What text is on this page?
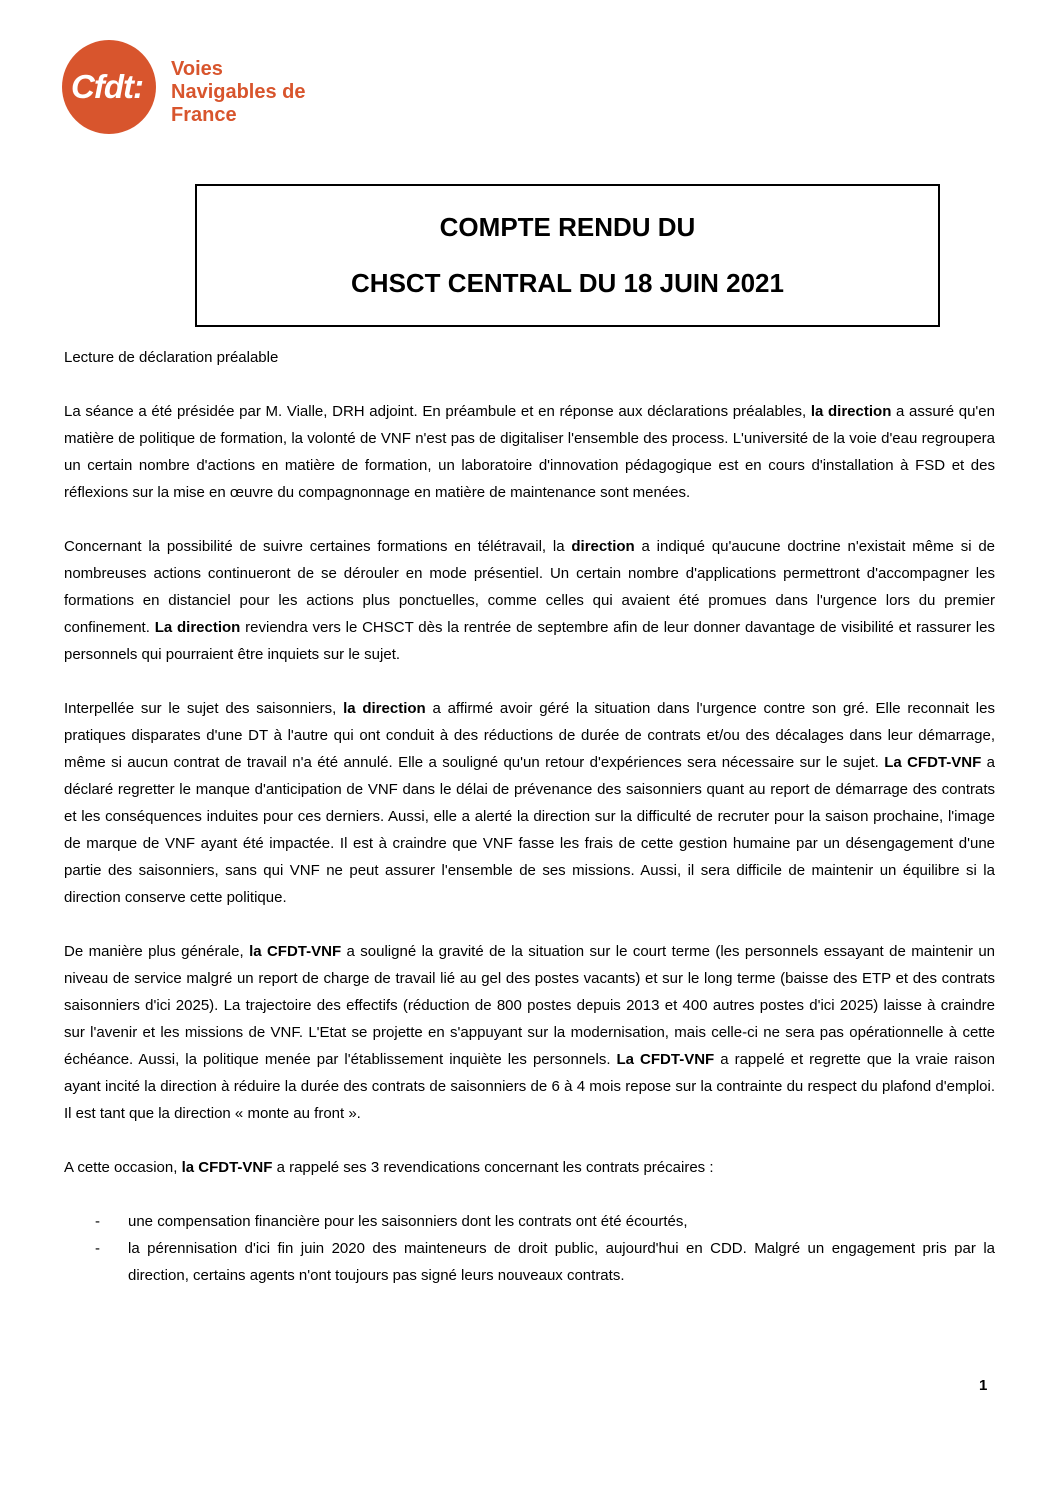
Cfdt: Voies
Navigables de
France
COMPTE RENDU DU
CHSCT CENTRAL DU 18 JUIN 2021

Lecture de déclaration préalable

La séance a été présidée par M. Vialle, DRH adjoint. En préambule et en réponse aux déclarations préalables, la direction a assuré qu'en matière de politique de formation, la volonté de VNF n'est pas de digitaliser l'ensemble des process. L'université de la voie d'eau regroupera un certain nombre d'actions en matière de formation, un laboratoire d'innovation pédagogique est en cours d'installation à FSD et des réflexions sur la mise en œuvre du compagnonnage en matière de maintenance sont menées.

Concernant la possibilité de suivre certaines formations en télétravail, la direction a indiqué qu'aucune doctrine n'existait même si de nombreuses actions continueront de se dérouler en mode présentiel. Un certain nombre d'applications permettront d'accompagner les formations en distanciel pour les actions plus ponctuelles, comme celles qui avaient été promues dans l'urgence lors du premier confinement. La direction reviendra vers le CHSCT dès la rentrée de septembre afin de leur donner davantage de visibilité et rassurer les personnels qui pourraient être inquiets sur le sujet.

Interpellée sur le sujet des saisonniers, la direction a affirmé avoir géré la situation dans l'urgence contre son gré. Elle reconnait les pratiques disparates d'une DT à l'autre qui ont conduit à des réductions de durée de contrats et/ou des décalages dans leur démarrage, même si aucun contrat de travail n'a été annulé. Elle a souligné qu'un retour d'expériences sera nécessaire sur le sujet. La CFDT-VNF a déclaré regretter le manque d'anticipation de VNF dans le délai de prévenance des saisonniers quant au report de démarrage des contrats et les conséquences induites pour ces derniers. Aussi, elle a alerté la direction sur la difficulté de recruter pour la saison prochaine, l'image de marque de VNF ayant été impactée. Il est à craindre que VNF fasse les frais de cette gestion humaine par un désengagement d'une partie des saisonniers, sans qui VNF ne peut assurer l'ensemble de ses missions. Aussi, il sera difficile de maintenir un équilibre si la direction conserve cette politique.

De manière plus générale, la CFDT-VNF a souligné la gravité de la situation sur le court terme (les personnels essayant de maintenir un niveau de service malgré un report de charge de travail lié au gel des postes vacants) et sur le long terme (baisse des ETP et des contrats saisonniers d'ici 2025). La trajectoire des effectifs (réduction de 800 postes depuis 2013 et 400 autres postes d'ici 2025) laisse à craindre sur l'avenir et les missions de VNF. L'Etat se projette en s'appuyant sur la modernisation, mais celle-ci ne sera pas opérationnelle à cette échéance. Aussi, la politique menée par l'établissement inquiète les personnels. La CFDT-VNF a rappelé et regrette que la vraie raison ayant incité la direction à réduire la durée des contrats de saisonniers de 6 à 4 mois repose sur la contrainte du respect du plafond d'emploi. Il est tant que la direction « monte au front ».

A cette occasion, la CFDT-VNF a rappelé ses 3 revendications concernant les contrats précaires :

- une compensation financière pour les saisonniers dont les contrats ont été écourtés,
- la pérennisation d'ici fin juin 2020 des mainteneurs de droit public, aujourd'hui en CDD. Malgré un engagement pris par la direction, certains agents n'ont toujours pas signé leurs nouveaux contrats.
1
